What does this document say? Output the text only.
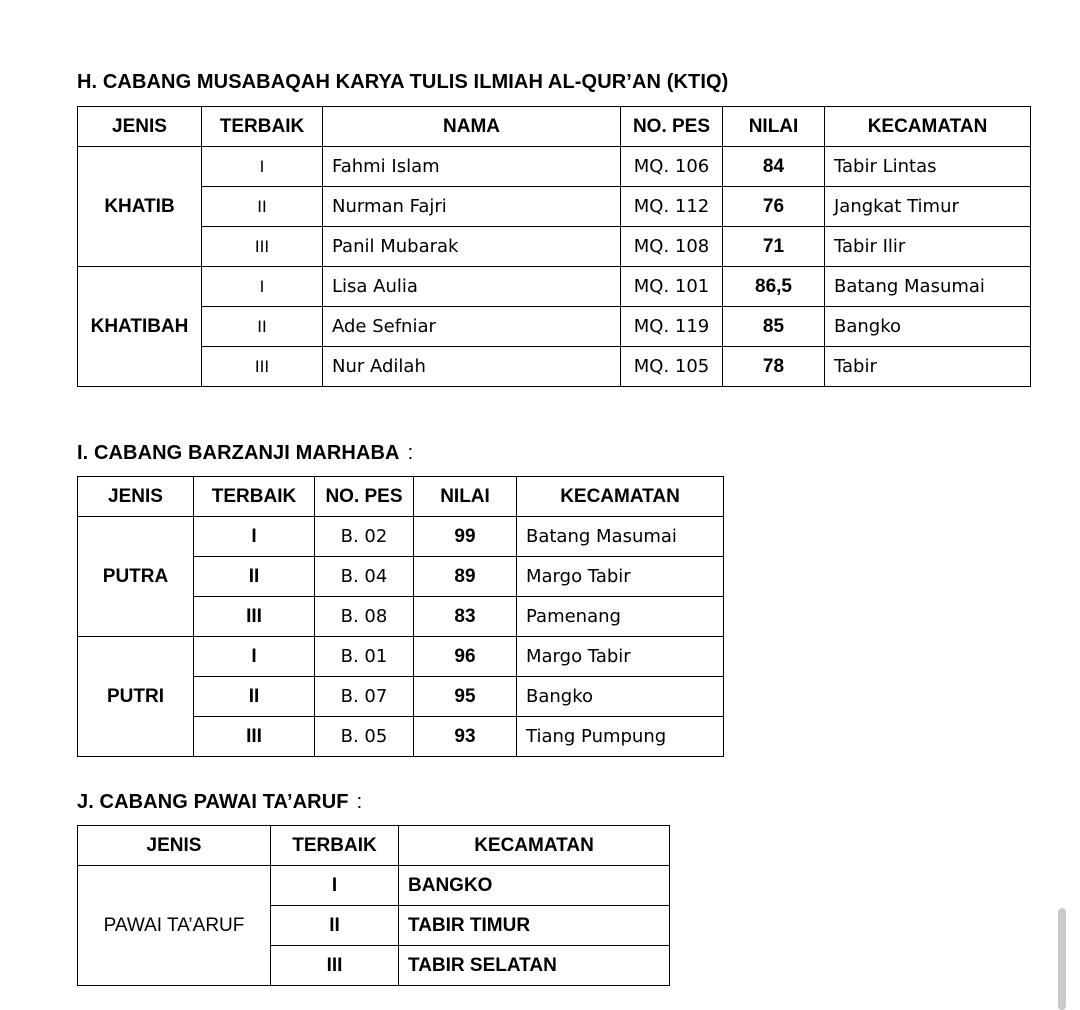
H. CABANG MUSABAQAH KARYA TULIS ILMIAH AL-QUR’AN (KTIQ)
JENIS	TERBAIK	NAMA	NO. PES	NILAI	KECAMATAN
KHATIB	I	Fahmi Islam	MQ. 106	84	Tabir Lintas
	II	Nurman Fajri	MQ. 112	76	Jangkat Timur
	III	Panil Mubarak	MQ. 108	71	Tabir Ilir
KHATIBAH	I	Lisa Aulia	MQ. 101	86,5	Batang Masumai
	II	Ade Sefniar	MQ. 119	85	Bangko
	III	Nur Adilah	MQ. 105	78	Tabir
I. CABANG BARZANJI MARHABA :
JENIS	TERBAIK	NO. PES	NILAI	KECAMATAN
PUTRA	I	B. 02	99	Batang Masumai
	II	B. 04	89	Margo Tabir
	III	B. 08	83	Pamenang
PUTRI	I	B. 01	96	Margo Tabir
	II	B. 07	95	Bangko
	III	B. 05	93	Tiang Pumpung
J. CABANG PAWAI TA’ARUF :
JENIS	TERBAIK	KECAMATAN
PAWAI TA’ARUF	I	BANGKO
	II	TABIR TIMUR
	III	TABIR SELATAN
